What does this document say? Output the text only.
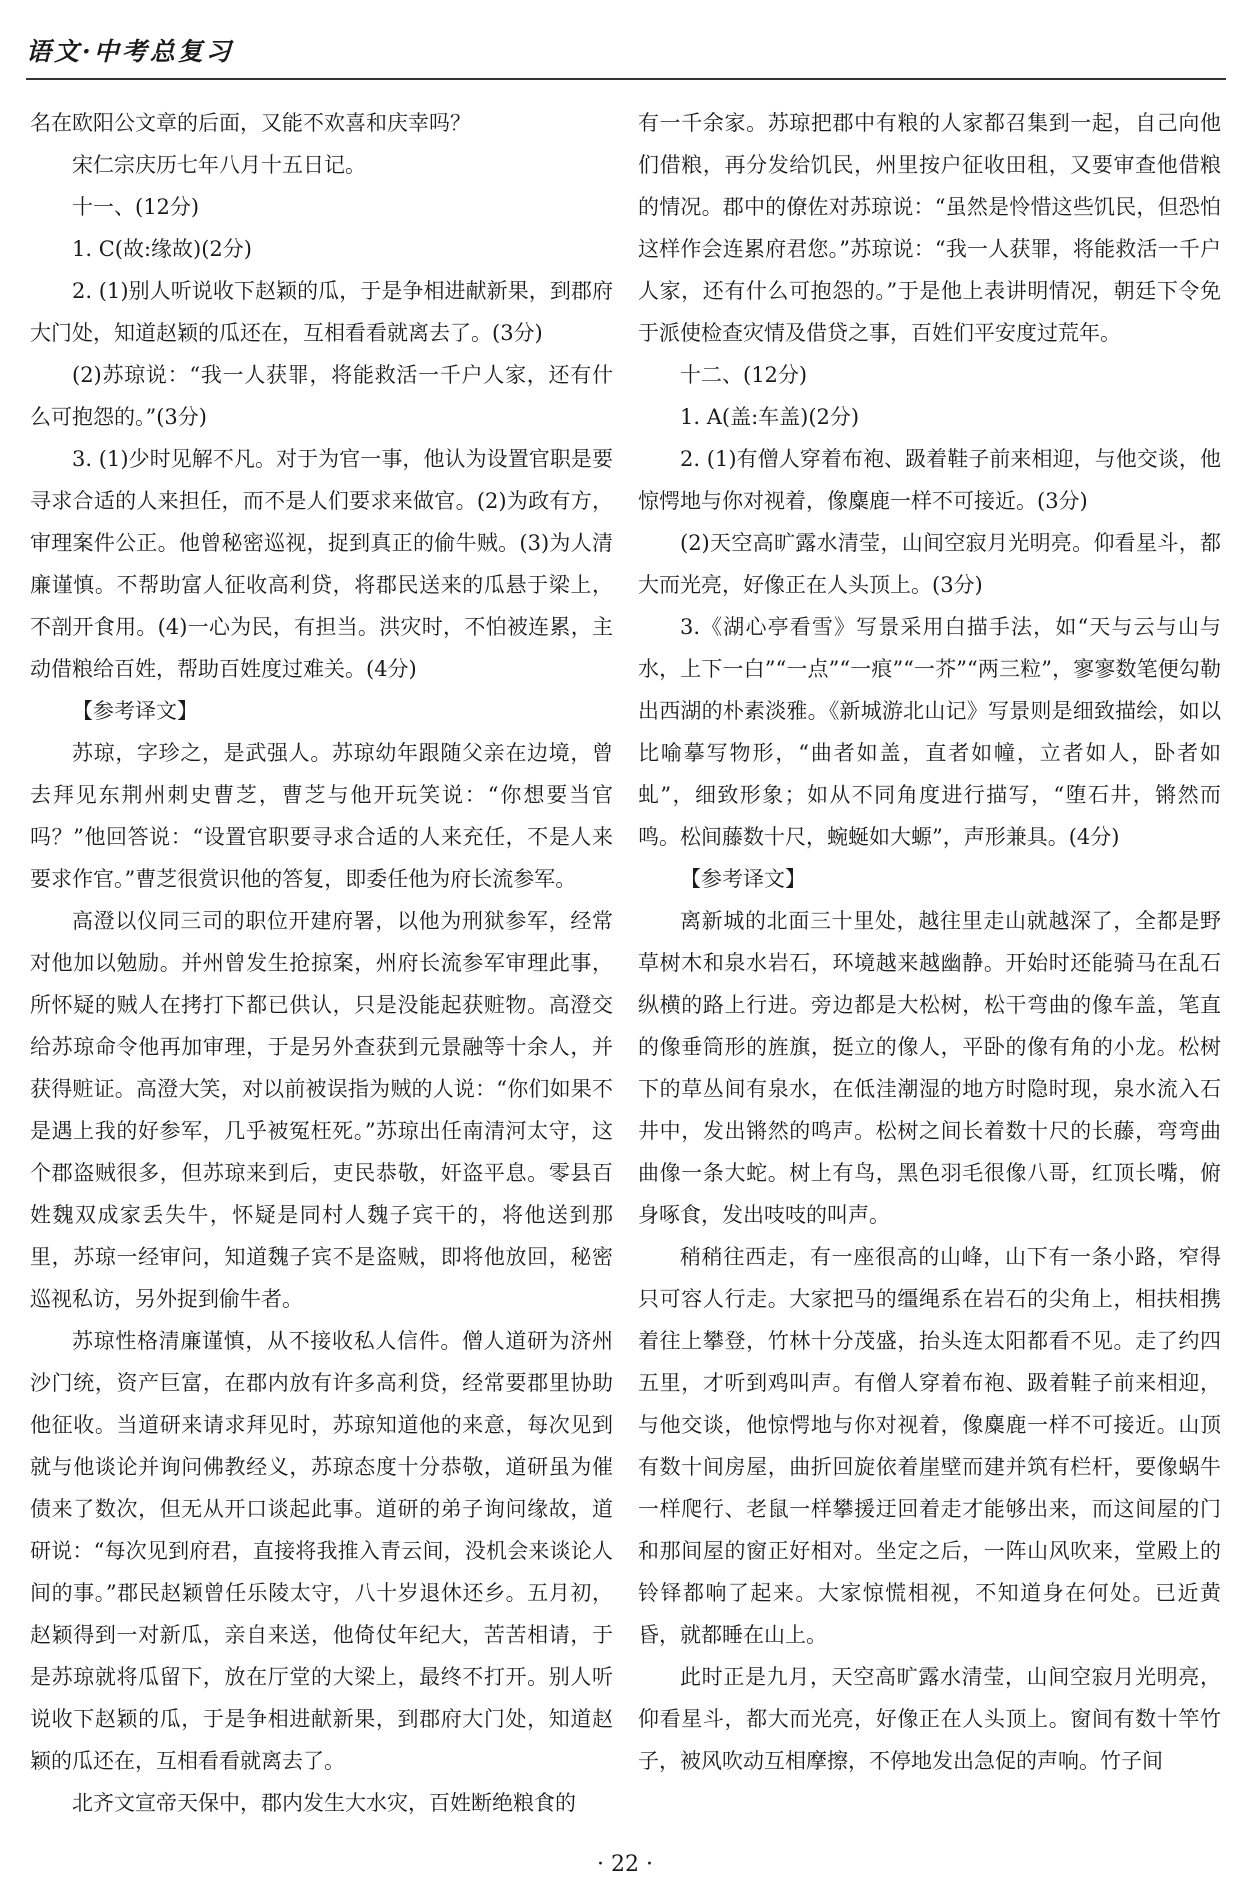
语文·中考总复习

名在欧阳公文章的后面，又能不欢喜和庆幸吗？

宋仁宗庆历七年八月十五日记。

十一、(12分)

1. C(故:缘故)(2分)

2. (1)别人听说收下赵颖的瓜，于是争相进献新果，到郡府大门处，知道赵颖的瓜还在，互相看看就离去了。(3分)

(2)苏琼说：“我一人获罪，将能救活一千户人家，还有什么可抱怨的。”(3分)

3. (1)少时见解不凡。对于为官一事，他认为设置官职是要寻求合适的人来担任，而不是人们要求来做官。(2)为政有方，审理案件公正。他曾秘密巡视，捉到真正的偷牛贼。(3)为人清廉谨慎。不帮助富人征收高利贷，将郡民送来的瓜悬于梁上，不剖开食用。(4)一心为民，有担当。洪灾时，不怕被连累，主动借粮给百姓，帮助百姓度过难关。(4分)

【参考译文】

苏琼，字珍之，是武强人。苏琼幼年跟随父亲在边境，曾去拜见东荆州刺史曹芝，曹芝与他开玩笑说：“你想要当官吗？”他回答说：“设置官职要寻求合适的人来充任，不是人来要求作官。”曹芝很赏识他的答复，即委任他为府长流参军。

高澄以仪同三司的职位开建府署，以他为刑狱参军，经常对他加以勉励。并州曾发生抢掠案，州府长流参军审理此事，所怀疑的贼人在拷打下都已供认，只是没能起获赃物。高澄交给苏琼命令他再加审理，于是另外查获到元景融等十余人，并获得赃证。高澄大笑，对以前被误指为贼的人说：“你们如果不是遇上我的好参军，几乎被冤枉死。”苏琼出任南清河太守，这个郡盗贼很多，但苏琼来到后，吏民恭敬，奸盗平息。零县百姓魏双成家丢失牛，怀疑是同村人魏子宾干的，将他送到那里，苏琼一经审问，知道魏子宾不是盗贼，即将他放回，秘密巡视私访，另外捉到偷牛者。

苏琼性格清廉谨慎，从不接收私人信件。僧人道研为济州沙门统，资产巨富，在郡内放有许多高利贷，经常要郡里协助他征收。当道研来请求拜见时，苏琼知道他的来意，每次见到就与他谈论并询问佛教经义，苏琼态度十分恭敬，道研虽为催债来了数次，但无从开口谈起此事。道研的弟子询问缘故，道研说：“每次见到府君，直接将我推入青云间，没机会来谈论人间的事。”郡民赵颖曾任乐陵太守，八十岁退休还乡。五月初，赵颖得到一对新瓜，亲自来送，他倚仗年纪大，苦苦相请，于是苏琼就将瓜留下，放在厅堂的大梁上，最终不打开。别人听说收下赵颖的瓜，于是争相进献新果，到郡府大门处，知道赵颖的瓜还在，互相看看就离去了。

北齐文宣帝天保中，郡内发生大水灾，百姓断绝粮食的

有一千余家。苏琼把郡中有粮的人家都召集到一起，自己向他们借粮，再分发给饥民，州里按户征收田租，又要审查他借粮的情况。郡中的僚佐对苏琼说：“虽然是怜惜这些饥民，但恐怕这样作会连累府君您。”苏琼说：“我一人获罪，将能救活一千户人家，还有什么可抱怨的。”于是他上表讲明情况，朝廷下令免于派使检查灾情及借贷之事，百姓们平安度过荒年。

十二、(12分)

1. A(盖:车盖)(2分)

2. (1)有僧人穿着布袍、趿着鞋子前来相迎，与他交谈，他惊愕地与你对视着，像麋鹿一样不可接近。(3分)

(2)天空高旷露水清莹，山间空寂月光明亮。仰看星斗，都大而光亮，好像正在人头顶上。(3分)

3.《湖心亭看雪》写景采用白描手法，如“天与云与山与水，上下一白”“一点”“一痕”“一芥”“两三粒”，寥寥数笔便勾勒出西湖的朴素淡雅。《新城游北山记》写景则是细致描绘，如以比喻摹写物形，“曲者如盖，直者如幢，立者如人，卧者如虬”，细致形象；如从不同角度进行描写，“堕石井，锵然而鸣。松间藤数十尺，蜿蜒如大螈”，声形兼具。(4分)

【参考译文】

离新城的北面三十里处，越往里走山就越深了，全都是野草树木和泉水岩石，环境越来越幽静。开始时还能骑马在乱石纵横的路上行进。旁边都是大松树，松干弯曲的像车盖，笔直的像垂筒形的旌旗，挺立的像人，平卧的像有角的小龙。松树下的草丛间有泉水，在低洼潮湿的地方时隐时现，泉水流入石井中，发出锵然的鸣声。松树之间长着数十尺的长藤，弯弯曲曲像一条大蛇。树上有鸟，黑色羽毛很像八哥，红顶长嘴，俯身啄食，发出吱吱的叫声。

稍稍往西走，有一座很高的山峰，山下有一条小路，窄得只可容人行走。大家把马的缰绳系在岩石的尖角上，相扶相携着往上攀登，竹林十分茂盛，抬头连太阳都看不见。走了约四五里，才听到鸡叫声。有僧人穿着布袍、趿着鞋子前来相迎，与他交谈，他惊愕地与你对视着，像麋鹿一样不可接近。山顶有数十间房屋，曲折回旋依着崖壁而建并筑有栏杆，要像蜗牛一样爬行、老鼠一样攀援迂回着走才能够出来，而这间屋的门和那间屋的窗正好相对。坐定之后，一阵山风吹来，堂殿上的铃铎都响了起来。大家惊慌相视，不知道身在何处。已近黄昏，就都睡在山上。

此时正是九月，天空高旷露水清莹，山间空寂月光明亮，仰看星斗，都大而光亮，好像正在人头顶上。窗间有数十竿竹子，被风吹动互相摩擦，不停地发出急促的声响。竹子间

· 22 ·
